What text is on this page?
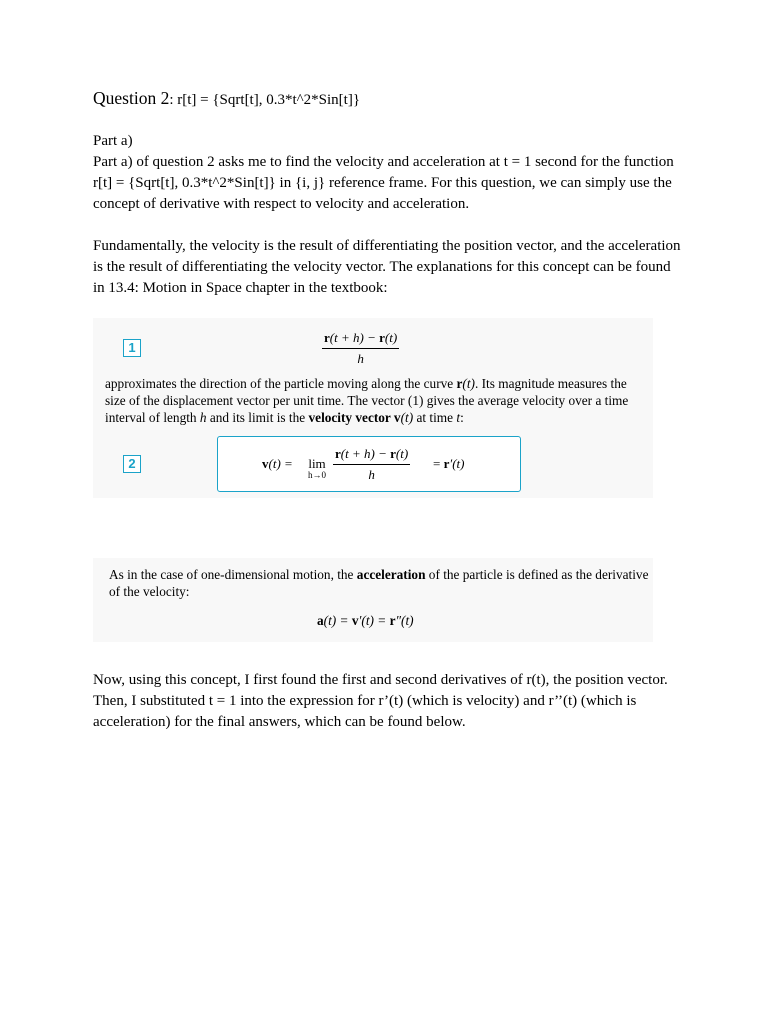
Question 2: r[t] = {Sqrt[t], 0.3*t^2*Sin[t]}
Part a)

Part a) of question 2 asks me to find the velocity and acceleration at t = 1 second for the function r[t] = {Sqrt[t], 0.3*t^2*Sin[t]} in {i, j} reference frame. For this question, we can simply use the concept of derivative with respect to velocity and acceleration.

Fundamentally, the velocity is the result of differentiating the position vector, and the acceleration is the result of differentiating the velocity vector. The explanations for this concept can be found in 13.4: Motion in Space chapter in the textbook:

1	$\frac{r(t + h) - r(t)}{h}$
approximates the direction of the particle moving along the curve r(t). Its magnitude measures the size of the displacement vector per unit time. The vector (1) gives the average velocity over a time interval of length h and its limit is the velocity vector v(t) at time t:
2	v(t) = lim
$h\to 0 \frac{r(t + h) - r(t)}{h} = r'(t)$
As in the case of one-dimensional motion, the acceleration of the particle is defined as the derivative of the velocity:
a(t) = v′(t) = r″(t)

Now, using this concept, I first found the first and second derivatives of r(t), the position vector. Then, I substituted t = 1 into the expression for r’(t) (which is velocity) and r’’(t) (which is acceleration) for the final answers, which can be found below.
